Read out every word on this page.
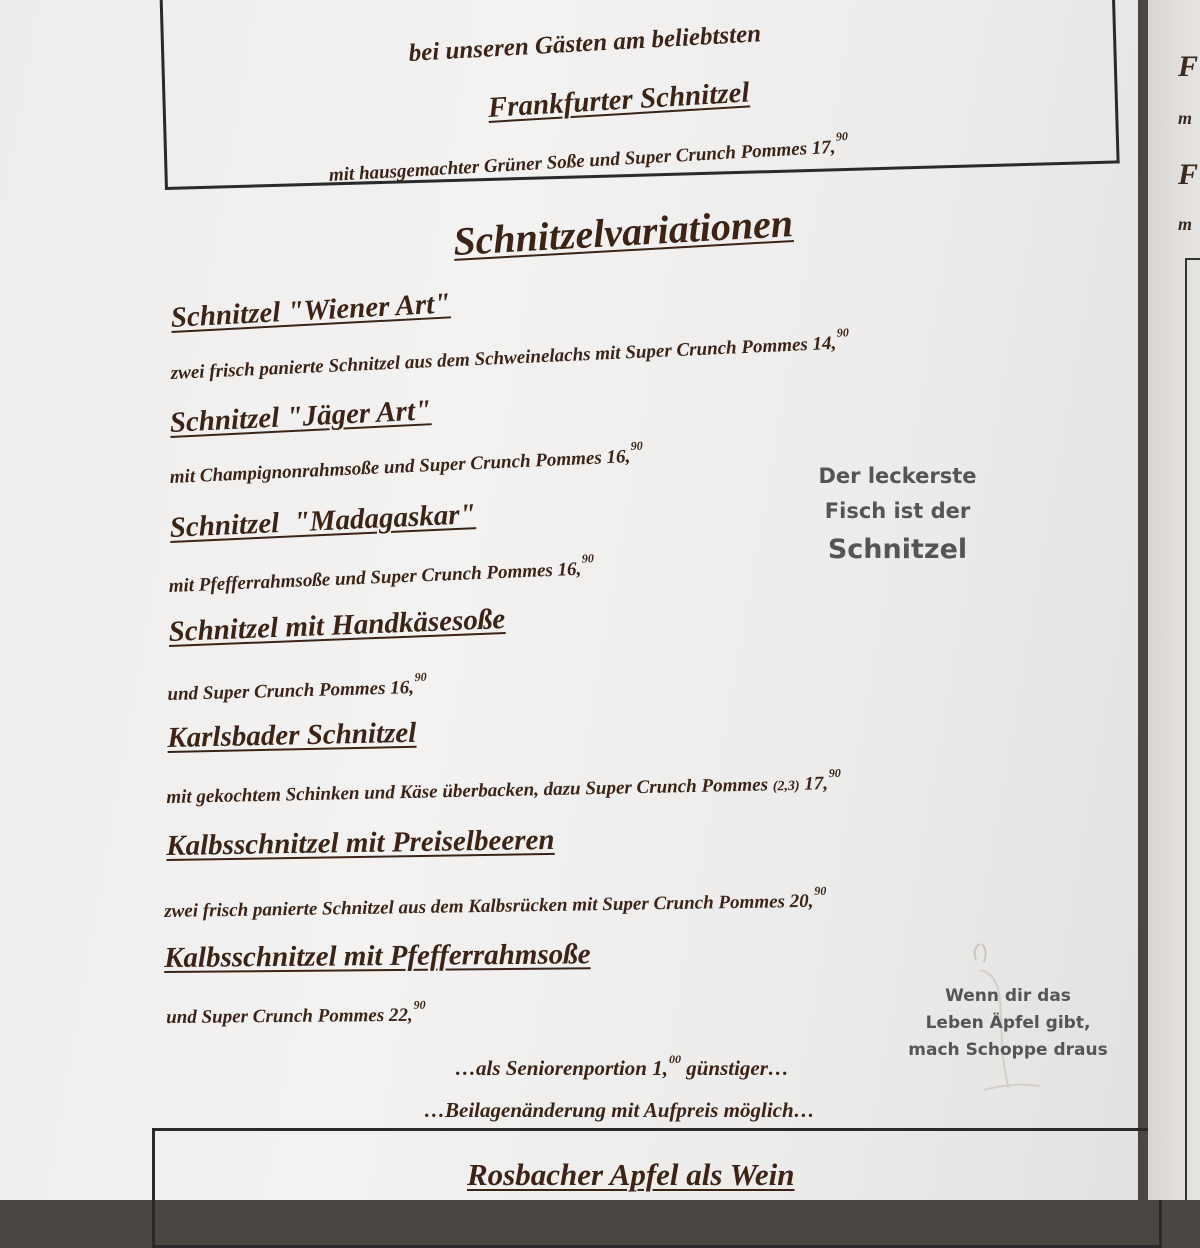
bei unseren Gästen am beliebtsten
Frankfurter Schnitzel
mit hausgemachter Grüner Soße und Super Crunch Pommes 17,90
Schnitzelvariationen
Schnitzel "Wiener Art"
zwei frisch panierte Schnitzel aus dem Schweinelachs mit Super Crunch Pommes 14,90
Schnitzel "Jäger Art"
mit Champignonrahmsoße und Super Crunch Pommes 16,90
Schnitzel  "Madagaskar"
mit Pfefferrahmsoße und Super Crunch Pommes 16,90
Schnitzel mit Handkäsesoße
und Super Crunch Pommes 16,90
Karlsbader Schnitzel
mit gekochtem Schinken und Käse überbacken, dazu Super Crunch Pommes (2,3) 17,90
Kalbsschnitzel mit Preiselbeeren
zwei frisch panierte Schnitzel aus dem Kalbsrücken mit Super Crunch Pommes 20,90
Kalbsschnitzel mit Pfefferrahmsoße
und Super Crunch Pommes 22,90
Der leckerste
Fisch ist der
Schnitzel
Wenn dir das
Leben Äpfel gibt,
mach Schoppe draus
…als Seniorenportion 1,00 günstiger…
…Beilagenänderung mit Aufpreis möglich…
Rosbacher Apfel als Wein
F
m
F
m
